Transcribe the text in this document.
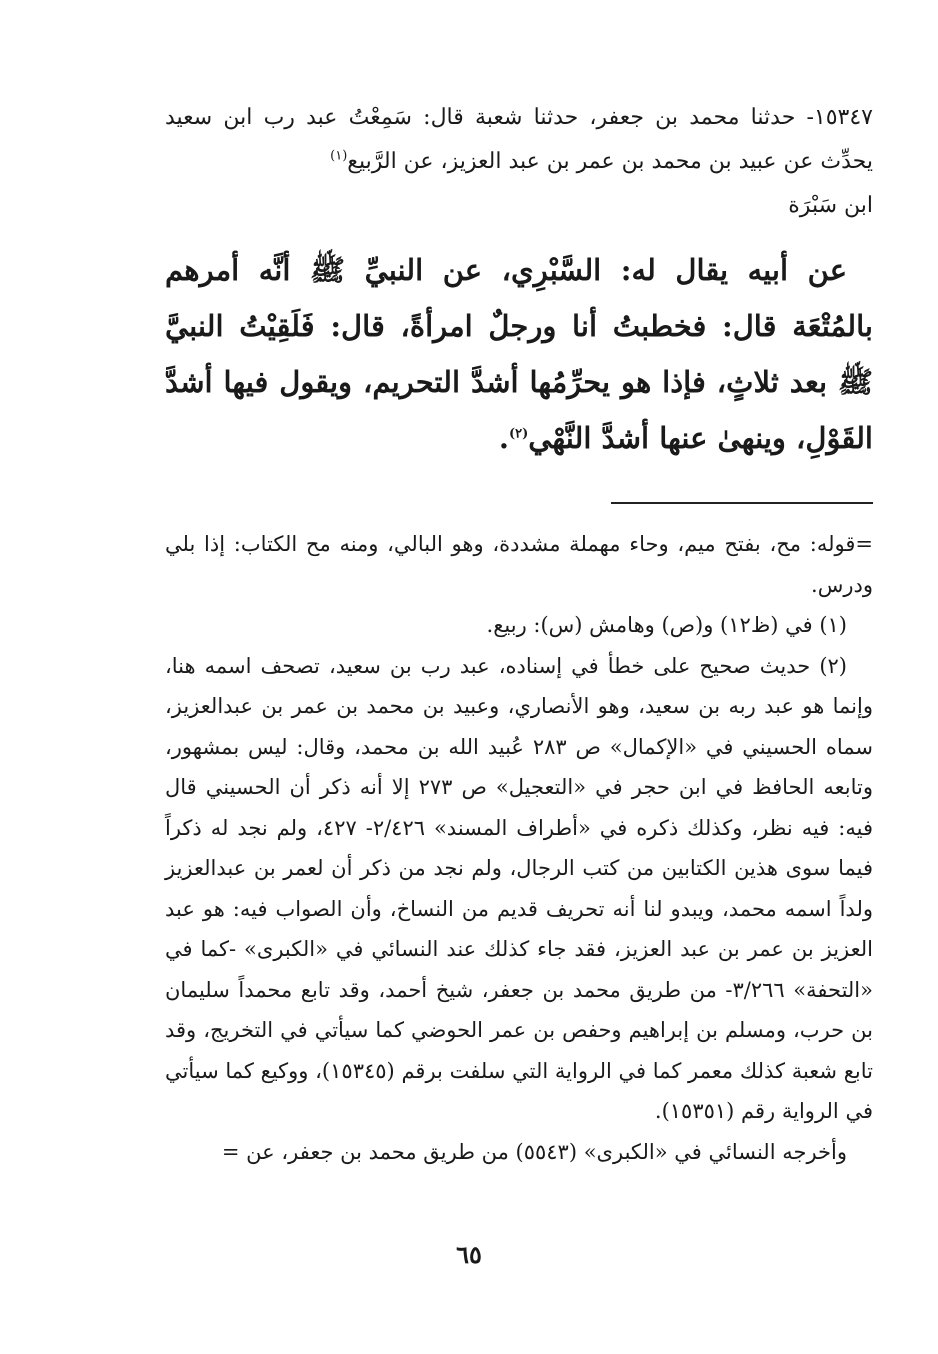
١٥٣٤٧- حدثنا محمد بن جعفر، حدثنا شعبة قال: سَمِعْتُ عبد رب ابن سعيد يحدِّث عن عبيد بن محمد بن عمر بن عبد العزيز، عن الرَّبيع$^{(١)}$

ابن سَبْرَة

عن أبيه يقال له: السَّبْرِي، عن النبيِّ ﷺ أنَّه أمرهم بالمُتْعَة قال: فخطبتُ أنا ورجلٌ امرأةً، قال: فَلَقِيْتُ النبيَّ ﷺ بعد ثلاثٍ، فإذا هو يحرِّمُها أشدَّ التحريم، ويقول فيها أشدَّ القَوْلِ، وينهىٰ عنها أشدَّ النَّهْي$^{(٢)}$.

=قوله: مح، بفتح ميم، وحاء مهملة مشددة، وهو البالي، ومنه مح الكتاب: إذا بلي ودرس.

(١) في (ظ١٢) و(ص) وهامش (س): ربيع.

(٢) حديث صحيح على خطأ في إسناده، عبد رب بن سعيد، تصحف اسمه هنا، وإنما هو عبد ربه بن سعيد، وهو الأنصاري، وعبيد بن محمد بن عمر بن عبدالعزيز، سماه الحسيني في «الإكمال» ص ٢٨٣ عُبيد الله بن محمد، وقال: ليس بمشهور، وتابعه الحافظ في ابن حجر في «التعجيل» ص ٢٧٣ إلا أنه ذكر أن الحسيني قال فيه: فيه نظر، وكذلك ذكره في «أطراف المسند» ٢/٤٢٦- ٤٢٧، ولم نجد له ذكراً فيما سوى هذين الكتابين من كتب الرجال، ولم نجد من ذكر أن لعمر بن عبدالعزيز ولداً اسمه محمد، ويبدو لنا أنه تحريف قديم من النساخ، وأن الصواب فيه: هو عبد العزيز بن عمر بن عبد العزيز، فقد جاء كذلك عند النسائي في «الكبرى» -كما في «التحفة» ٣/٢٦٦- من طريق محمد بن جعفر، شيخ أحمد، وقد تابع محمداً سليمان بن حرب، ومسلم بن إبراهيم وحفص بن عمر الحوضي كما سيأتي في التخريج، وقد تابع شعبة كذلك معمر كما في الرواية التي سلفت برقم (١٥٣٤٥)، ووكيع كما سيأتي في الرواية رقم (١٥٣٥١).

وأخرجه النسائي في «الكبرى» (٥٥٤٣) من طريق محمد بن جعفر، عن =

٦٥
